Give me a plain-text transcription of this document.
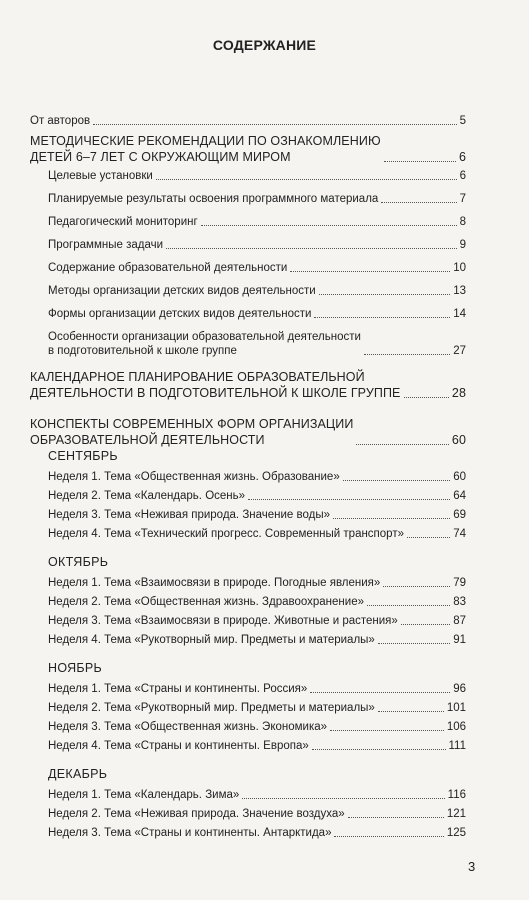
СОДЕРЖАНИЕ
От авторов	5
МЕТОДИЧЕСКИЕ РЕКОМЕНДАЦИИ ПО ОЗНАКОМЛЕНИЮ
ДЕТЕЙ 6–7 ЛЕТ С ОКРУЖАЮЩИМ МИРОМ	6
Целевые установки	6
Планируемые результаты освоения программного материала	7
Педагогический мониторинг	8
Программные задачи	9
Содержание образовательной деятельности	10
Методы организации детских видов деятельности	13
Формы организации детских видов деятельности	14
Особенности организации образовательной деятельности
в подготовительной к школе группе	27
КАЛЕНДАРНОЕ ПЛАНИРОВАНИЕ ОБРАЗОВАТЕЛЬНОЙ
ДЕЯТЕЛЬНОСТИ В ПОДГОТОВИТЕЛЬНОЙ К ШКОЛЕ ГРУППЕ	28
КОНСПЕКТЫ СОВРЕМЕННЫХ ФОРМ ОРГАНИЗАЦИИ
ОБРАЗОВАТЕЛЬНОЙ ДЕЯТЕЛЬНОСТИ	60
СЕНТЯБРЬ
Неделя 1. Тема «Общественная жизнь. Образование»	60
Неделя 2. Тема «Календарь. Осень»	64
Неделя 3. Тема «Неживая природа. Значение воды»	69
Неделя 4. Тема «Технический прогресс. Современный транспорт»	74
ОКТЯБРЬ
Неделя 1. Тема «Взаимосвязи в природе. Погодные явления»	79
Неделя 2. Тема «Общественная жизнь. Здравоохранение»	83
Неделя 3. Тема «Взаимосвязи в природе. Животные и растения»	87
Неделя 4. Тема «Рукотворный мир. Предметы и материалы»	91
НОЯБРЬ
Неделя 1. Тема «Страны и континенты. Россия»	96
Неделя 2. Тема «Рукотворный мир. Предметы и материалы»	101
Неделя 3. Тема «Общественная жизнь. Экономика»	106
Неделя 4. Тема «Страны и континенты. Европа»	111
ДЕКАБРЬ
Неделя 1. Тема «Календарь. Зима»	116
Неделя 2. Тема «Неживая природа. Значение воздуха»	121
Неделя 3. Тема «Страны и континенты. Антарктида»	125
3
